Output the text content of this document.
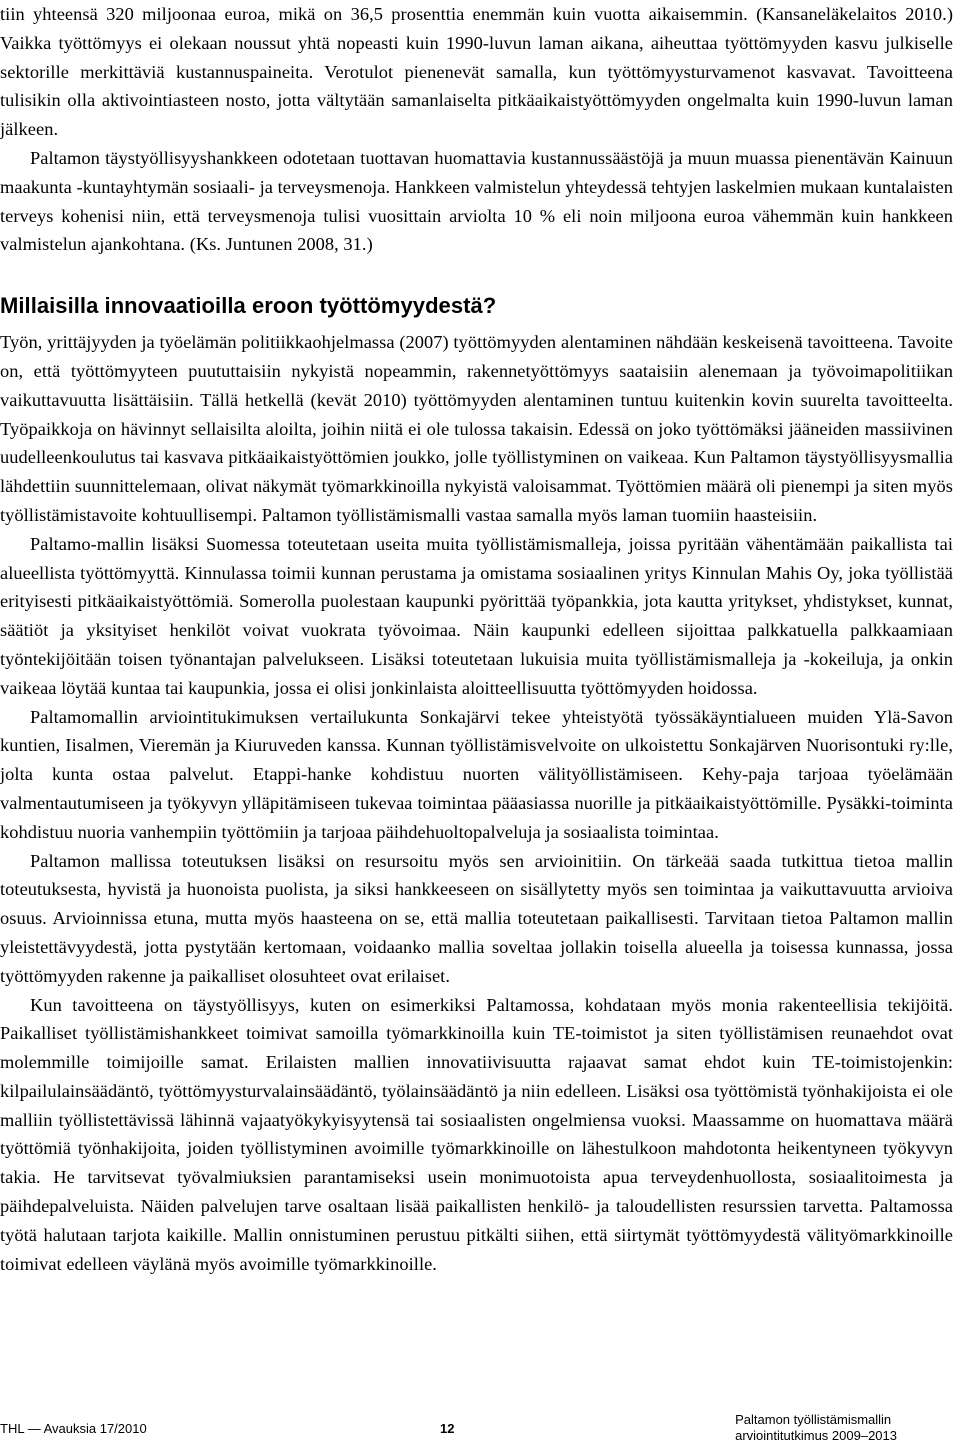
tiin yhteensä 320 miljoonaa euroa, mikä on 36,5 prosenttia enemmän kuin vuotta aikaisemmin. (Kansaneläkelaitos 2010.) Vaikka työttömyys ei olekaan noussut yhtä nopeasti kuin 1990-luvun laman aikana, aiheuttaa työttömyyden kasvu julkiselle sektorille merkittäviä kustannuspaineita. Verotulot pienenevät samalla, kun työttömyysturvamenot kasvavat. Tavoitteena tulisikin olla aktivointiasteen nosto, jotta vältytään samanlaiselta pitkäaikaistyöttömyyden ongelmalta kuin 1990-luvun laman jälkeen.

Paltamon täystyöllisyyshankkeen odotetaan tuottavan huomattavia kustannussäästöjä ja muun muassa pienentävän Kainuun maakunta -kuntayhtymän sosiaali- ja terveysmenoja. Hankkeen valmistelun yhteydessä tehtyjen laskelmien mukaan kuntalaisten terveys kohenisi niin, että terveysmenoja tulisi vuosittain arviolta 10 % eli noin miljoona euroa vähemmän kuin hankkeen valmistelun ajankohtana. (Ks. Juntunen 2008, 31.)

Millaisilla innovaatioilla eroon työttömyydestä?

Työn, yrittäjyyden ja työelämän politiikkaohjelmassa (2007) työttömyyden alentaminen nähdään keskeisenä tavoitteena. Tavoite on, että työttömyyteen puututtaisiin nykyistä nopeammin, rakennetyöttömyys saataisiin alenemaan ja työvoimapolitiikan vaikuttavuutta lisättäisiin. Tällä hetkellä (kevät 2010) työttömyyden alentaminen tuntuu kuitenkin kovin suurelta tavoitteelta. Työpaikkoja on hävinnyt sellaisilta aloilta, joihin niitä ei ole tulossa takaisin. Edessä on joko työttömäksi jääneiden massiivinen uudelleenkoulutus tai kasvava pitkäaikaistyöttömien joukko, jolle työllistyminen on vaikeaa. Kun Paltamon täystyöllisyysmallia lähdettiin suunnittelemaan, olivat näkymät työmarkkinoilla nykyistä valoisammat. Työttömien määrä oli pienempi ja siten myös työllistämistavoite kohtuullisempi. Paltamon työllistämismalli vastaa samalla myös laman tuomiin haasteisiin.

Paltamo-mallin lisäksi Suomessa toteutetaan useita muita työllistämismalleja, joissa pyritään vähentämään paikallista tai alueellista työttömyyttä. Kinnulassa toimii kunnan perustama ja omistama sosiaalinen yritys Kinnulan Mahis Oy, joka työllistää erityisesti pitkäaikaistyöttömiä. Somerolla puolestaan kaupunki pyörittää työpankkia, jota kautta yritykset, yhdistykset, kunnat, säätiöt ja yksityiset henkilöt voivat vuokrata työvoimaa. Näin kaupunki edelleen sijoittaa palkkatuella palkkaamiaan työntekijöitään toisen työnantajan palvelukseen. Lisäksi toteutetaan lukuisia muita työllistämismalleja ja -kokeiluja, ja onkin vaikeaa löytää kuntaa tai kaupunkia, jossa ei olisi jonkinlaista aloitteellisuutta työttömyyden hoidossa.

Paltamomallin arviointitukimuksen vertailukunta Sonkajärvi tekee yhteistyötä työssäkäyntialueen muiden Ylä-Savon kuntien, Iisalmen, Vieremän ja Kiuruveden kanssa. Kunnan työllistämisvelvoite on ulkoistettu Sonkajärven Nuorisontuki ry:lle, jolta kunta ostaa palvelut. Etappi-hanke kohdistuu nuorten välityöllistämiseen. Kehy-paja tarjoaa työelämään valmentautumiseen ja työkyvyn ylläpitämiseen tukevaa toimintaa pääasiassa nuorille ja pitkäaikaistyöttömille. Pysäkki-toiminta kohdistuu nuoria vanhempiin työttömiin ja tarjoaa päihdehuoltopalveluja ja sosiaalista toimintaa.

Paltamon mallissa toteutuksen lisäksi on resursoitu myös sen arvioinitiin. On tärkeää saada tutkittua tietoa mallin toteutuksesta, hyvistä ja huonoista puolista, ja siksi hankkeeseen on sisällytetty myös sen toimintaa ja vaikuttavuutta arvioiva osuus. Arvioinnissa etuna, mutta myös haasteena on se, että mallia toteutetaan paikallisesti. Tarvitaan tietoa Paltamon mallin yleistettävyydestä, jotta pystytään kertomaan, voidaanko mallia soveltaa jollakin toisella alueella ja toisessa kunnassa, jossa työttömyyden rakenne ja paikalliset olosuhteet ovat erilaiset.

Kun tavoitteena on täystyöllisyys, kuten on esimerkiksi Paltamossa, kohdataan myös monia rakenteellisia tekijöitä. Paikalliset työllistämishankkeet toimivat samoilla työmarkkinoilla kuin TE-toimistot ja siten työllistämisen reunaehdot ovat molemmille toimijoille samat. Erilaisten mallien innovatiivisuutta rajaavat samat ehdot kuin TE-toimistojenkin: kilpailulainsäädäntö, työttömyysturvalainsäädäntö, työlainsäädäntö ja niin edelleen. Lisäksi osa työttömistä työnhakijoista ei ole malliin työllistettävissä lähinnä vajaatyökykyisyytensä tai sosiaalisten ongelmiensa vuoksi. Maassamme on huomattava määrä työttömiä työnhakijoita, joiden työllistyminen avoimille työmarkkinoille on lähestulkoon mahdotonta heikentyneen työkyvyn takia. He tarvitsevat työvalmiuksien parantamiseksi usein monimuotoista apua terveydenhuollosta, sosiaalitoimesta ja päihdepalveluista. Näiden palvelujen tarve osaltaan lisää paikallisten henkilö- ja taloudellisten resurssien tarvetta. Paltamossa työtä halutaan tarjota kaikille. Mallin onnistuminen perustuu pitkälti siihen, että siirtymät työttömyydestä välityömarkkinoille toimivat edelleen väylänä myös avoimille työmarkkinoille.

THL — Avauksia 17/2010	12
Paltamon työllistämismallin
arviointitutkimus 2009–2013
